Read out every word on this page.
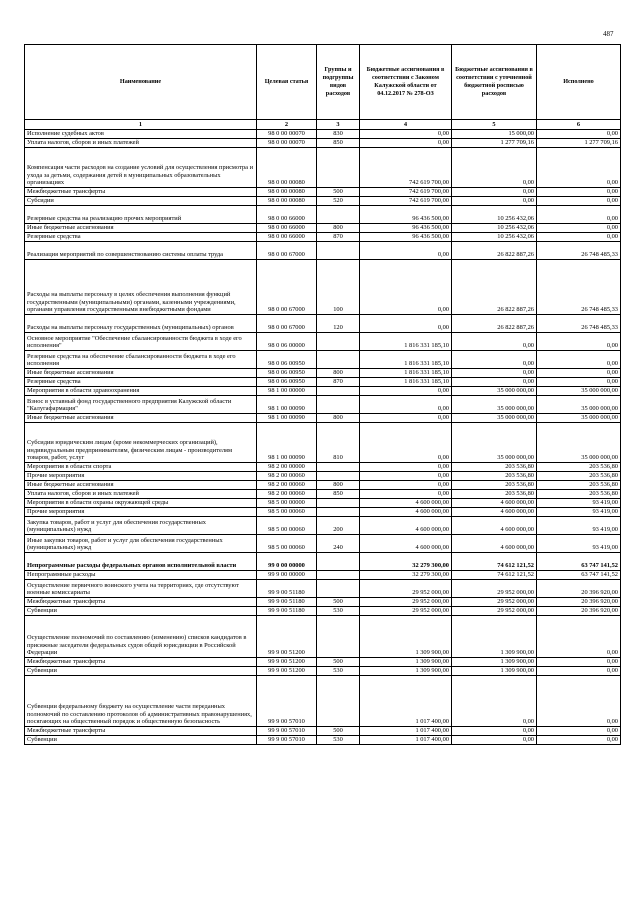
487
Наименование	Целевая статья	Группы и подгруппы видов расходов	Бюджетные ассигнования в соответствии с Законом Калужской области от 04.12.2017 № 278-ОЗ	Бюджетные ассигнования в соответствии с уточненной бюджетной росписью расходов	Исполнено
1	2	3	4	5	6
Исполнение судебных актов	98 0 00 00070	830	0,00	15 000,00	0,00
Уплата налогов, сборов и иных платежей	98 0 00 00070	850	0,00	1 277 709,16	1 277 709,16
Компенсация части расходов на создание условий для осуществления присмотра и ухода за детьми, содержания детей в муниципальных образовательных организациях	98 0 00 00080		742 619 700,00	0,00	0,00
Межбюджетные трансферты	98 0 00 00080	500	742 619 700,00	0,00	0,00
Субсидии	98 0 00 00080	520	742 619 700,00	0,00	0,00
Резервные средства на реализацию прочих мероприятий	98 0 00 66000		96 436 500,00	10 256 432,06	0,00
Иные бюджетные ассигнования	98 0 00 66000	800	96 436 500,00	10 256 432,06	0,00
Резервные средства	98 0 00 66000	870	96 436 500,00	10 256 432,06	0,00
Реализация мероприятий по совершенствованию системы оплаты труда	98 0 00 67000		0,00	26 822 887,26	26 748 485,33
Расходы на выплаты персоналу в целях обеспечения выполнения функций государственными (муниципальными) органами, казенными учреждениями, органами управления государственными внебюджетными фондами	98 0 00 67000	100	0,00	26 822 887,26	26 748 485,33
Расходы на выплаты персоналу государственных (муниципальных) органов	98 0 00 67000	120	0,00	26 822 887,26	26 748 485,33
Основное мероприятие "Обеспечение сбалансированности бюджета в ходе его исполнения"	98 0 06 00000		1 816 331 185,10	0,00	0,00
Резервные средства на обеспечение сбалансированности бюджета в ходе его исполнения	98 0 06 00950		1 816 331 185,10	0,00	0,00
Иные бюджетные ассигнования	98 0 06 00950	800	1 816 331 185,10	0,00	0,00
Резервные средства	98 0 06 00950	870	1 816 331 185,10	0,00	0,00
Мероприятия в области здравоохранения	98 1 00 00000		0,00	35 000 000,00	35 000 000,00
Взнос в уставный фонд государственного предприятия Калужской области "Калугафармация"	98 1 00 00090		0,00	35 000 000,00	35 000 000,00
Иные бюджетные ассигнования	98 1 00 00090	800	0,00	35 000 000,00	35 000 000,00
Субсидии юридическим лицам (кроме некоммерческих организаций), индивидуальным предпринимателям, физическим лицам - производителям товаров, работ, услуг	98 1 00 00090	810	0,00	35 000 000,00	35 000 000,00
Мероприятия в области спорта	98 2 00 00000		0,00	203 536,80	203 536,80
Прочие мероприятия	98 2 00 00060		0,00	203 536,80	203 536,80
Иные бюджетные ассигнования	98 2 00 00060	800	0,00	203 536,80	203 536,80
Уплата налогов, сборов и иных платежей	98 2 00 00060	850	0,00	203 536,80	203 536,80
Мероприятия в области охраны окружающей среды	98 5 00 00000		4 600 000,00	4 600 000,00	93 419,00
Прочие мероприятия	98 5 00 00060		4 600 000,00	4 600 000,00	93 419,00
Закупка товаров, работ и услуг для обеспечения государственных (муниципальных) нужд	98 5 00 00060	200	4 600 000,00	4 600 000,00	93 419,00
Иные закупки товаров, работ и услуг для обеспечения государственных (муниципальных) нужд	98 5 00 00060	240	4 600 000,00	4 600 000,00	93 419,00
Непрограммные расходы федеральных органов исполнительной власти	99 0 00 00000		32 279 300,00	74 612 121,52	63 747 141,52
Непрограммные расходы	99 9 00 00000		32 279 300,00	74 612 121,52	63 747 141,52
Осуществление первичного воинского учета на территориях, где отсутствуют военные комиссариаты	99 9 00 51180		29 952 000,00	29 952 000,00	20 396 920,00
Межбюджетные трансферты	99 9 00 51180	500	29 952 000,00	29 952 000,00	20 396 920,00
Субвенции	99 9 00 51180	530	29 952 000,00	29 952 000,00	20 396 920,00
Осуществление полномочий по составлению (изменению) списков кандидатов в присяжные заседатели федеральных судов общей юрисдикции в Российской Федерации	99 9 00 51200		1 309 900,00	1 309 900,00	0,00
Межбюджетные трансферты	99 9 00 51200	500	1 309 900,00	1 309 900,00	0,00
Субвенции	99 9 00 51200	530	1 309 900,00	1 309 900,00	0,00
Субвенции федеральному бюджету на осуществление части переданных полномочий по составлению протоколов об административных правонарушениях, посягающих на общественный порядок и общественную безопасность	99 9 00 57010		1 017 400,00	0,00	0,00
Межбюджетные трансферты	99 9 00 57010	500	1 017 400,00	0,00	0,00
Субвенции	99 9 00 57010	530	1 017 400,00	0,00	0,00
